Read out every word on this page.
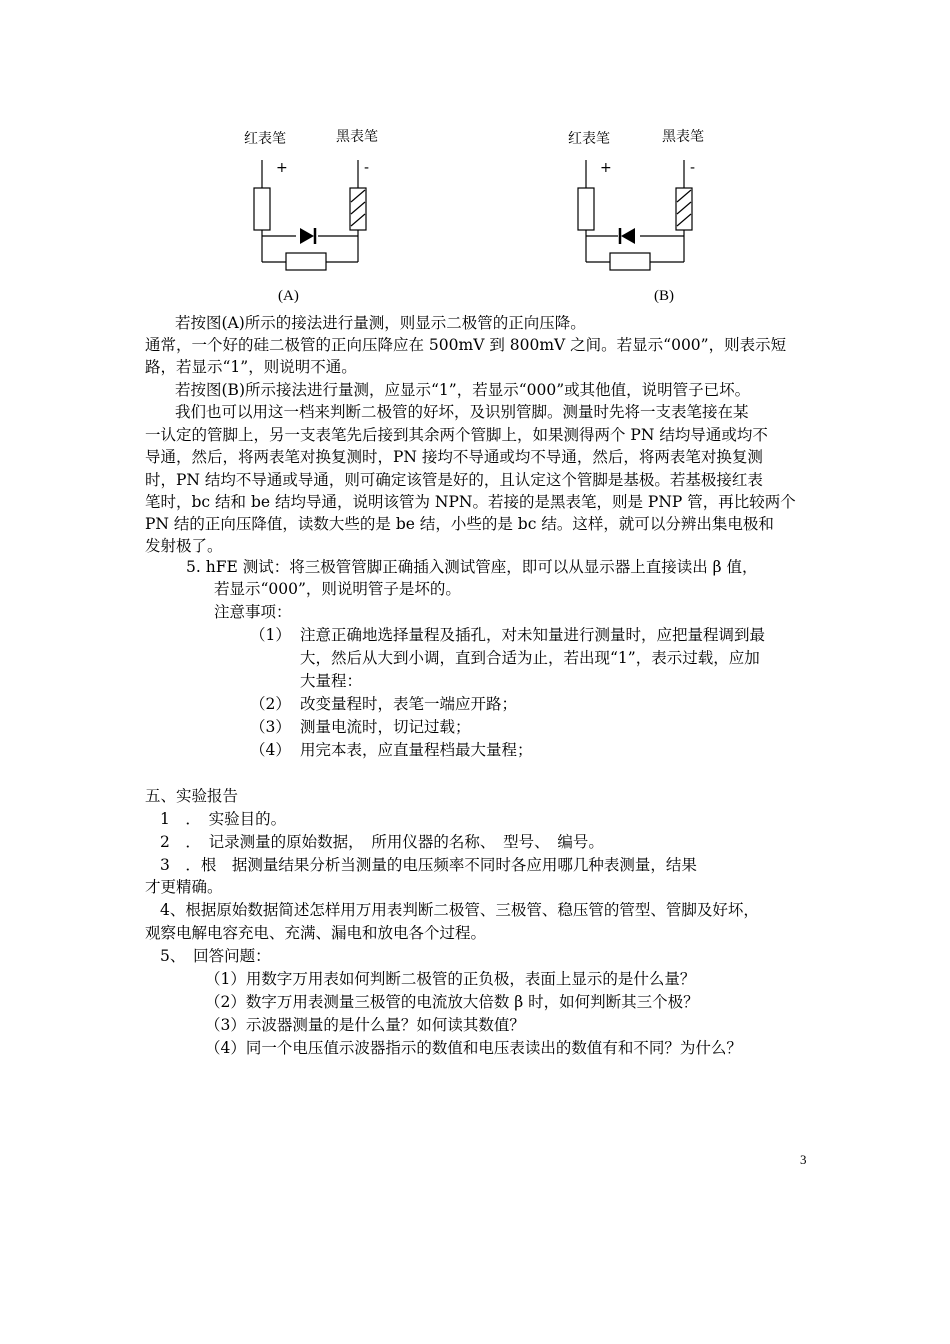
红表笔	黑表笔
+	-
(A)
红表笔	黑表笔
+	-
(B)
若按图(A)所示的接法进行量测，则显示二极管的正向压降。
通常，一个好的硅二极管的正向压降应在 500mV 到 800mV 之间。若显示“000”，则表示短
路，若显示“1”，则说明不通。
若按图(B)所示接法进行量测，应显示“1”，若显示“000”或其他值，说明管子已坏。
我们也可以用这一档来判断二极管的好坏，及识别管脚。测量时先将一支表笔接在某
一认定的管脚上，另一支表笔先后接到其余两个管脚上，如果测得两个 PN 结均导通或均不
导通，然后，将两表笔对换复测时，PN 接均不导通或均不导通，然后，将两表笔对换复测
时，PN 结均不导通或导通，则可确定该管是好的，且认定这个管脚是基极。若基极接红表
笔时，bc 结和 be 结均导通，说明该管为 NPN。若接的是黑表笔，则是 PNP 管，再比较两个
PN 结的正向压降值，读数大些的是 be 结，小些的是 bc 结。这样，就可以分辨出集电极和
发射极了。
5. hFE 测试：将三极管管脚正确插入测试管座，即可以从显示器上直接读出 β 值，
若显示“000”，则说明管子是坏的。
注意事项：
（1） 注意正确地选择量程及插孔，对未知量进行测量时，应把量程调到最
大，然后从大到小调，直到合适为止，若出现“1”，表示过载，应加
大量程：
（2） 改变量程时，表笔一端应开路；
（3） 测量电流时，切记过载；
（4） 用完本表，应直量程档最大量程；
五、实验报告
1　．　实验目的。
2　．　记录测量的原始数据，　所用仪器的名称、　型号、　编号。
3　．根　据测量结果分析当测量的电压频率不同时各应用哪几种表测量，结果
才更精确。
4、根据原始数据简述怎样用万用表判断二极管、三极管、稳压管的管型、管脚及好坏，
观察电解电容充电、充满、漏电和放电各个过程。
5、　回答问题：
（1）用数字万用表如何判断二极管的正负极，表面上显示的是什么量？
（2）数字万用表测量三极管的电流放大倍数 β 时，如何判断其三个极？
（3）示波器测量的是什么量？如何读其数值？
（4）同一个电压值示波器指示的数值和电压表读出的数值有和不同？为什么？
3
